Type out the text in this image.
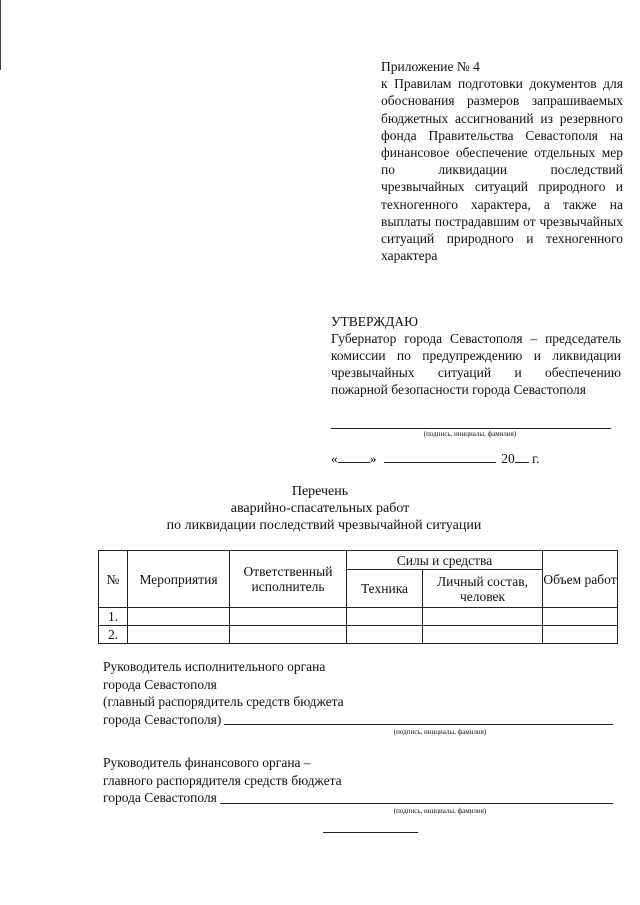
Приложение № 4
к Правилам подготовки документов для обоснования размеров запрашиваемых бюджетных ассигнований из резервного фонда Правительства Севастополя на финансовое обеспечение отдельных мер по ликвидации последствий чрезвычайных ситуаций природного и техногенного характера, а также на выплаты пострадавшим от чрезвычайных ситуаций природного и техногенного характера
УТВЕРЖДАЮ
Губернатор города Севастополя – председатель комиссии по предупреждению и ликвидации чрезвычайных ситуаций и обеспечению пожарной безопасности города Севастополя
(подпись, инициалы, фамилия)
« »	20 г.
Перечень
аварийно-спасательных работ
по ликвидации последствий чрезвычайной ситуации
№	Мероприятия	Ответственный исполнитель	Силы и средства		Объем работ
			Техника	Личный состав, человек	
1.					
2.					
Руководитель исполнительного органа
города Севастополя
(главный распорядитель средств бюджета
города Севастополя)
(подпись, инициалы, фамилия)
Руководитель финансового органа –
главного распорядителя средств бюджета
города Севастополя
(подпись, инициалы, фамилия)
